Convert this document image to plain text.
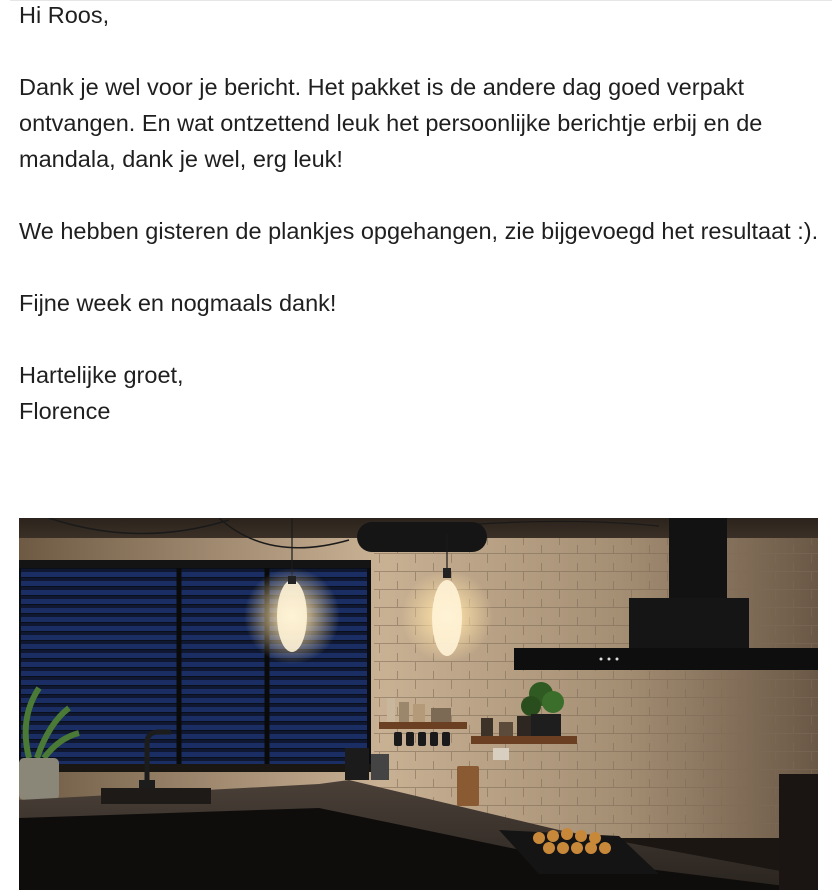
Hi Roos,

Dank je wel voor je bericht. Het pakket is de andere dag goed verpakt ontvangen. En wat ontzettend leuk het persoonlijke berichtje erbij en de mandala, dank je wel, erg leuk!

We hebben gisteren de plankjes opgehangen, zie bijgevoegd het resultaat :).

Fijne week en nogmaals dank!

Hartelijke groet,
Florence
